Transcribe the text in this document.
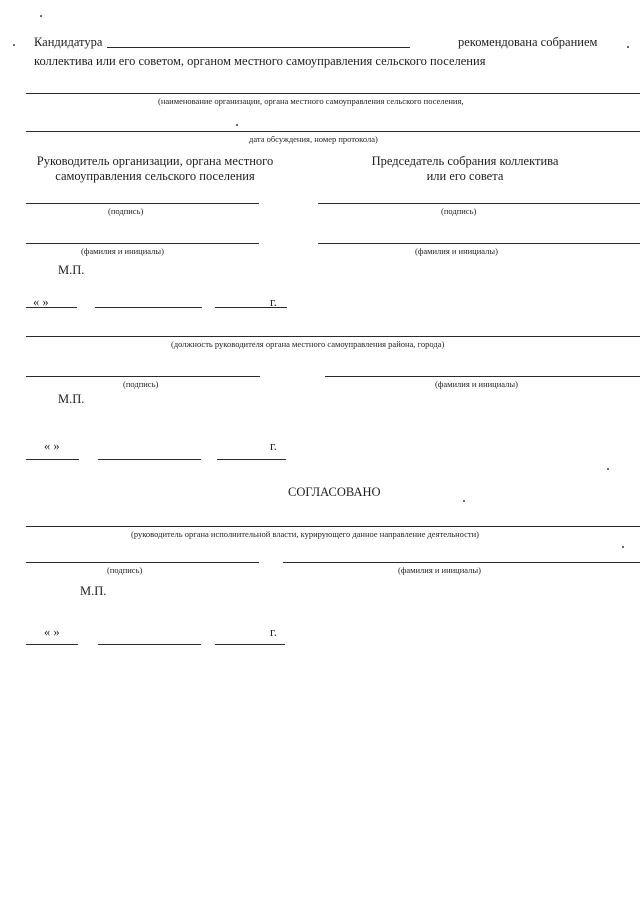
Кандидатура	рекомендована собранием
коллектива или его советом, органом местного самоуправления сельского поселения
(наименование организации, органа местного самоуправления сельского поселения,
дата обсуждения, номер протокола)
Руководитель организации, органа местного
самоуправления сельского поселения
Председатель собрания коллектива
или его совета
(подпись)	(подпись)
(фамилия и инициалы)	(фамилия и инициалы)
М.П.
« »	г.
(должность руководителя органа местного самоуправления района, города)
(подпись)	(фамилия и инициалы)
М.П.
« »	г.
СОГЛАСОВАНО
(руководитель органа исполнительной власти, курирующего данное направление деятельности)
(подпись)	(фамилия и инициалы)
М.П.
« »	г.
